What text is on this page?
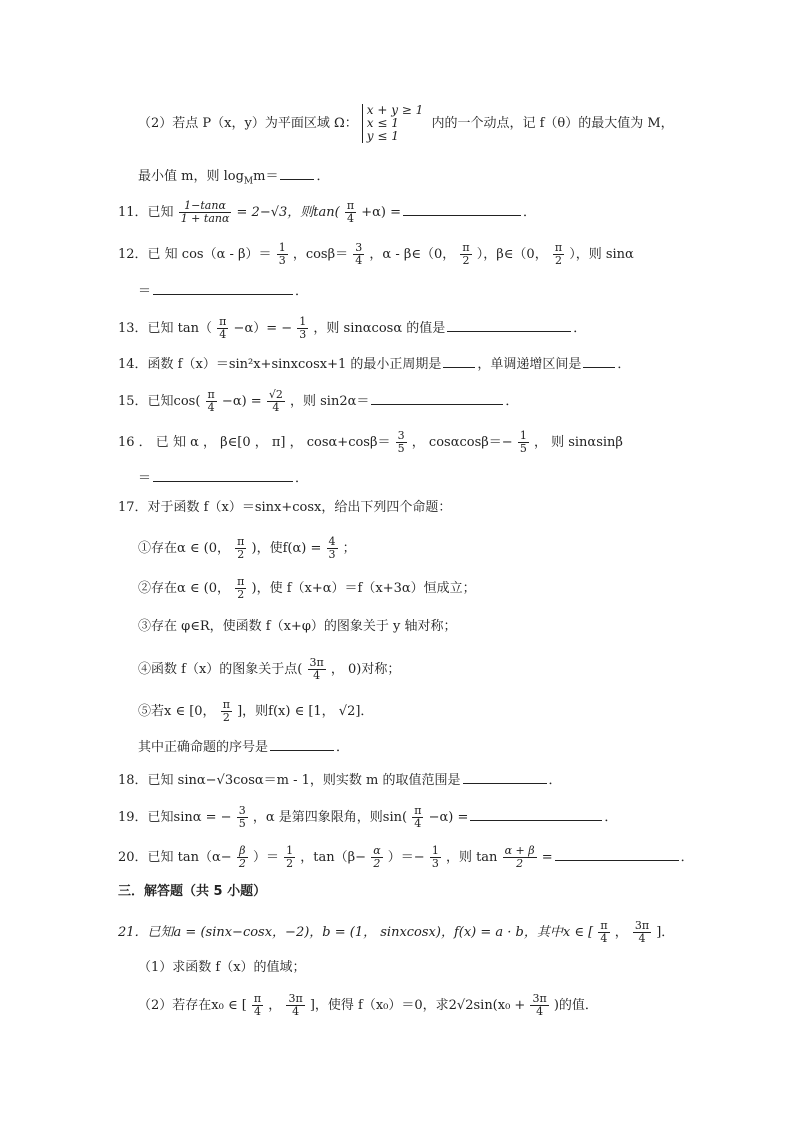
（2）若点 P（x，y）为平面区域 Ω：
x + y ≥ 1
x ≤ 1
y ≤ 1
内的一个动点，记 f（θ）的最大值为 M，
最小值 m，则 $\log_Mm=$	．
11．已知 $\frac{1-\tan\alpha}{1 + \tan\alpha} = 2-√3$，则$\tan( \frac{\pi}{4} +\alpha)$ =	．
12．已 知 $\cos(\alpha - \beta)= \frac{1}{3}$ ，$\cos\beta= \frac{3}{4}$ ，α - β∈（0， $\frac{\pi}{2}$ ），β∈（0， $\frac{\pi}{2}$ ），则 sinα
＝	．
13．已知 $\tan( \frac{\pi}{4} -\alpha)= - \frac{1}{3}$ ，则 sinαcosα 的值是	．
14．函数 f（x）＝sin²x+sinxcosx+1 的最小正周期是	，单调递增区间是	．
15．已知$\cos( \frac{\pi}{4} -\alpha) = \frac{√2}{4}$ ，则 sin2α＝	．
16 ． 已 知 α ， β∈[0 ， π] ， $\cos\alpha+\cos\beta= \frac{3}{5}$ ， $\cos\alpha\cos\beta=- \frac{1}{5}$ ， 则 sinαsinβ
＝	．
17．对于函数 f（x）＝sinx+cosx，给出下列四个命题：
①存在α ∈ (0， $\frac{\pi}{2}$ )，使$f(\alpha) = \frac{4}{3}$ ；
②存在α ∈ (0， $\frac{\pi}{2}$ )，使 f（x+α）＝f（x+3α）恒成立；
③存在 φ∈R，使函数 f（x+φ）的图象关于 y 轴对称；
④函数 f（x）的图象关于点( $\frac{3\pi}{4}$ ， 0)对称；
⑤若x ∈ [0， $\frac{\pi}{2}$ ]，则f(x) ∈ [1， √2]．
其中正确命题的序号是	．
18．已知 sinα−√3cosα＝m - 1，则实数 m 的取值范围是	．
19．已知sinα = − $\frac{3}{5}$ ，α 是第四象限角，则$\sin( \frac{\pi}{4} -\alpha)$ =	．
20．已知 $\tan(\alpha- \frac{\beta}{2}$ ）＝ $\frac{1}{2}$ ，$\tan(\beta- \frac{\alpha}{2}$ ）＝− $\frac{1}{3}$ ，则 $\tan \frac{\alpha + \beta}{2}$ =	．
三．解答题（共 5 小题）
21．已知a = (sinx−cosx，−2)，b = (1， sinxcosx)，f(x) = a · b，其中x ∈ [ $\frac{\pi}{4}$ ， $\frac{3\pi}{4}$ ]．
（1）求函数 f（x）的值域；
（2）若存在x₀ ∈ [ $\frac{\pi}{4}$ ， $\frac{3\pi}{4}$ ]，使得 f（x₀）＝0，求$2√2\sin(x_0 + \frac{3\pi}{4}$ )的值．
